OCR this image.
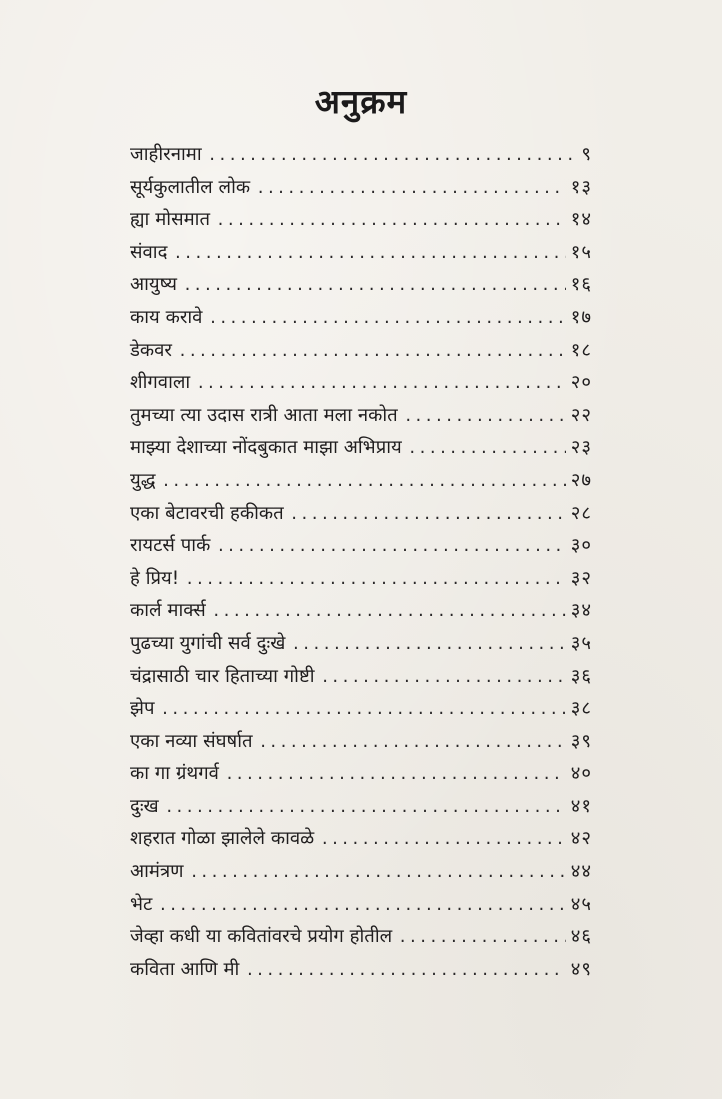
अनुक्रम
जाहीरनामा .....	९
सूर्यकुलातील लोक .....	१३
ह्या मोसमात .....	१४
संवाद .....	१५
आयुष्य .....	१६
काय करावे .....	१७
डेकवर .....	१८
शीगवाला .....	२०
तुमच्या त्या उदास रात्री आता मला नकोत .....	२२
माझ्या देशाच्या नोंदबुकात माझा अभिप्राय .....	२३
युद्ध .....	२७
एका बेटावरची हकीकत .....	२८
रायटर्स पार्क .....	३०
हे प्रिय! .....	३२
कार्ल मार्क्स .....	३४
पुढच्या युगांची सर्व दुःखे .....	३५
चंद्रासाठी चार हिताच्या गोष्टी .....	३६
झेप .....	३८
एका नव्या संघर्षात .....	३९
का गा ग्रंथगर्व .....	४०
दुःख .....	४१
शहरात गोळा झालेले कावळे .....	४२
आमंत्रण .....	४४
भेट .....	४५
जेव्हा कधी या कवितांवरचे प्रयोग होतील .....	४६
कविता आणि मी .....	४९
